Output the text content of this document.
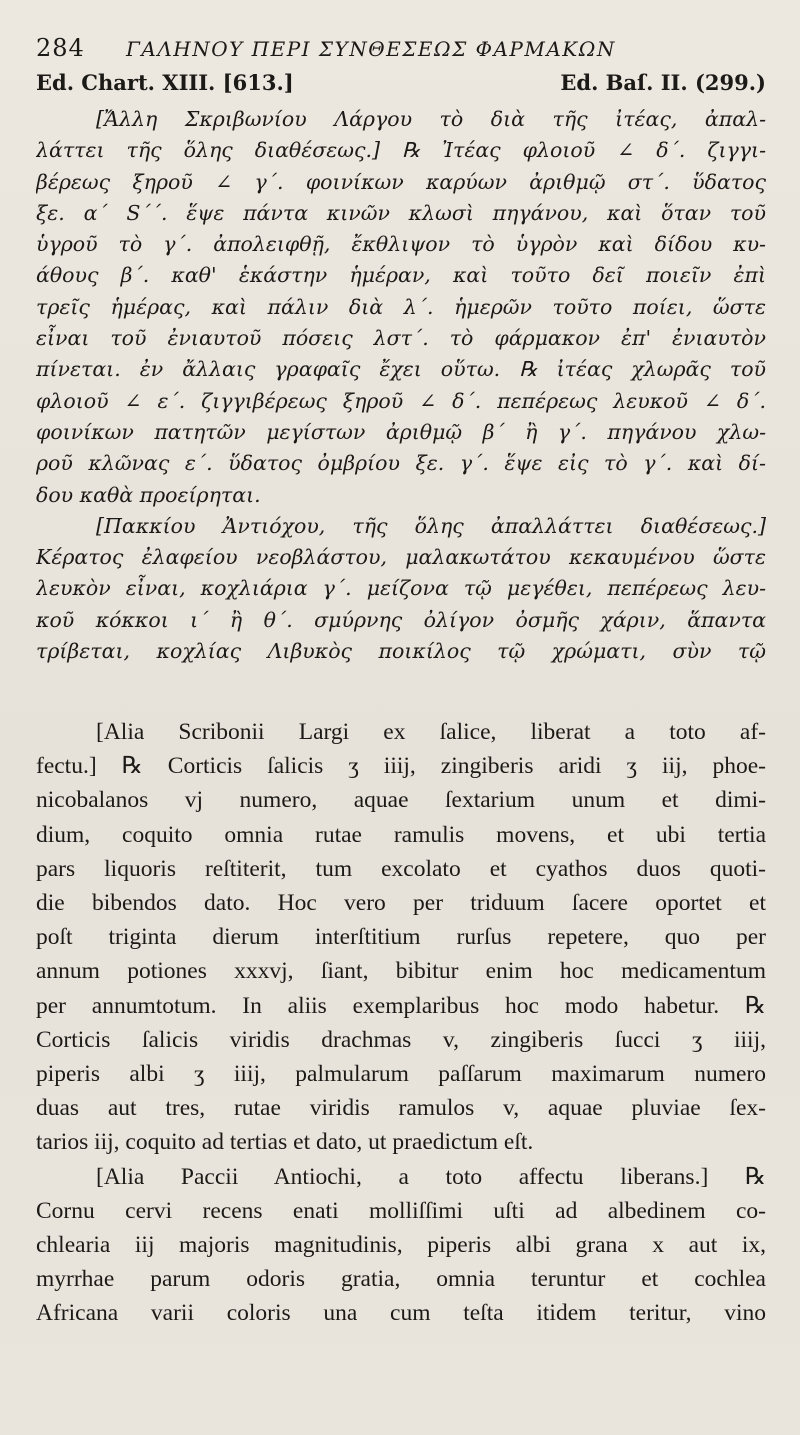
284	ΓΑΛΗΝΟΥ ΠΕΡΙ ΣΥΝΘΕΣΕΩΣ ΦΑΡΜΑΚΩΝ
Ed. Chart. XIII. [613.]	Ed. Baſ. II. (299.)
[Ἄλλη Σκριβωνίου Λάργου τὸ διὰ τῆς ἰτέας, ἀπαλ-
λάττει τῆς ὅλης διαθέσεως.] ℞ Ἰτέας φλοιοῦ ∠ δ΄. ζιγγι-
βέρεως ξηροῦ ∠ γ΄. φοινίκων καρύων ἀριθμῷ στ΄. ὕδατος
ξε. α΄ S΄΄. ἕψε πάντα κινῶν κλωσὶ πηγάνου, καὶ ὅταν τοῦ
ὑγροῦ τὸ γ΄. ἀπολειφθῇ, ἔκθλιψον τὸ ὑγρὸν καὶ δίδου κυ-
άθους β΄. καθ' ἑκάστην ἡμέραν, καὶ τοῦτο δεῖ ποιεῖν ἐπὶ
τρεῖς ἡμέρας, καὶ πάλιν διὰ λ΄. ἡμερῶν τοῦτο ποίει, ὥστε
εἶναι τοῦ ἐνιαυτοῦ πόσεις λστ΄. τὸ φάρμακον ἐπ' ἐνιαυτὸν
πίνεται. ἐν ἄλλαις γραφαῖς ἔχει οὕτω. ℞ ἰτέας χλωρᾶς τοῦ
φλοιοῦ ∠ ε΄. ζιγγιβέρεως ξηροῦ ∠ δ΄. πεπέρεως λευκοῦ ∠ δ΄.
φοινίκων πατητῶν μεγίστων ἀριθμῷ β΄ ἢ γ΄. πηγάνου χλω-
ροῦ κλῶνας ε΄. ὕδατος ὀμβρίου ξε. γ΄. ἕψε εἰς τὸ γ΄. καὶ δί-
δου καθὰ προείρηται.
[Πακκίου Ἀντιόχου, τῆς ὅλης ἀπαλλάττει διαθέσεως.]
Κέρατος ἐλαφείου νεοβλάστου, μαλακωτάτου κεκαυμένου ὥστε
λευκὸν εἶναι, κοχλιάρια γ΄. μείζονα τῷ μεγέθει, πεπέρεως λευ-
κοῦ κόκκοι ι΄ ἢ θ΄. σμύρνης ὀλίγον ὀσμῆς χάριν, ἅπαντα
τρίβεται, κοχλίας Λιβυκὸς ποικίλος τῷ χρώματι, σὺν τῷ
[Alia Scribonii Largi ex ſalice, liberat a toto af-
fectu.] ℞ Corticis ſalicis ʒ iiij, zingiberis aridi ʒ iij, phoe-
nicobalanos vj numero, aquae ſextarium unum et dimi-
dium, coquito omnia rutae ramulis movens, et ubi tertia
pars liquoris reſtiterit, tum excolato et cyathos duos quoti-
die bibendos dato. Hoc vero per triduum ſacere oportet et
poſt triginta dierum interſtitium rurſus repetere, quo per
annum potiones xxxvj, ſiant, bibitur enim hoc medicamentum
per annumtotum. In aliis exemplaribus hoc modo habetur. ℞
Corticis ſalicis viridis drachmas v, zingiberis ſucci ʒ iiij,
piperis albi ʒ iiij, palmularum paſſarum maximarum numero
duas aut tres, rutae viridis ramulos v, aquae pluviae ſex-
tarios iij, coquito ad tertias et dato, ut praedictum eſt.
[Alia Paccii Antiochi, a toto affectu liberans.] ℞
Cornu cervi recens enati molliſſimi uſti ad albedinem co-
chlearia iij majoris magnitudinis, piperis albi grana x aut ix,
myrrhae parum odoris gratia, omnia teruntur et cochlea
Africana varii coloris una cum teſta itidem teritur, vino
